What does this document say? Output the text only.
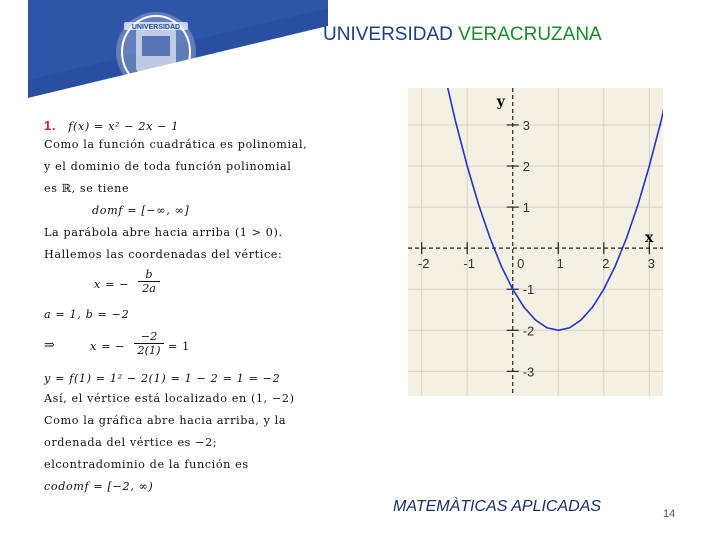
UNIVERSIDAD	UNIVERSIDAD VERACRUZANA
1. f(x) = x² − 2x − 1
Como la función cuadrática es polinomial,
y el dominio de toda función polinomial
es ℝ, se tiene
domf = [−∞, ∞]
La parábola abre hacia arriba (1 > 0).
Hallemos las coordenadas del vértice:
x = − $\frac{b}{2a}$
a = 1, b = −2
⇒	x = − $\frac{-2}{2(1)} = 1$
y = f(1) = 1² − 2(1) = 1 − 2 = 1 = −2
Así, el vértice está localizado en (1, −2)
Como la gráfica abre hacia arriba, y la
ordenada del vértice es −2;
elcontradominio de la función es
codomf = [−2, ∞)
-2	-1	0 1	2	3
3
2
1
-1
-2
-3
x
y
MATEMÀTICAS APLICADAS	14
